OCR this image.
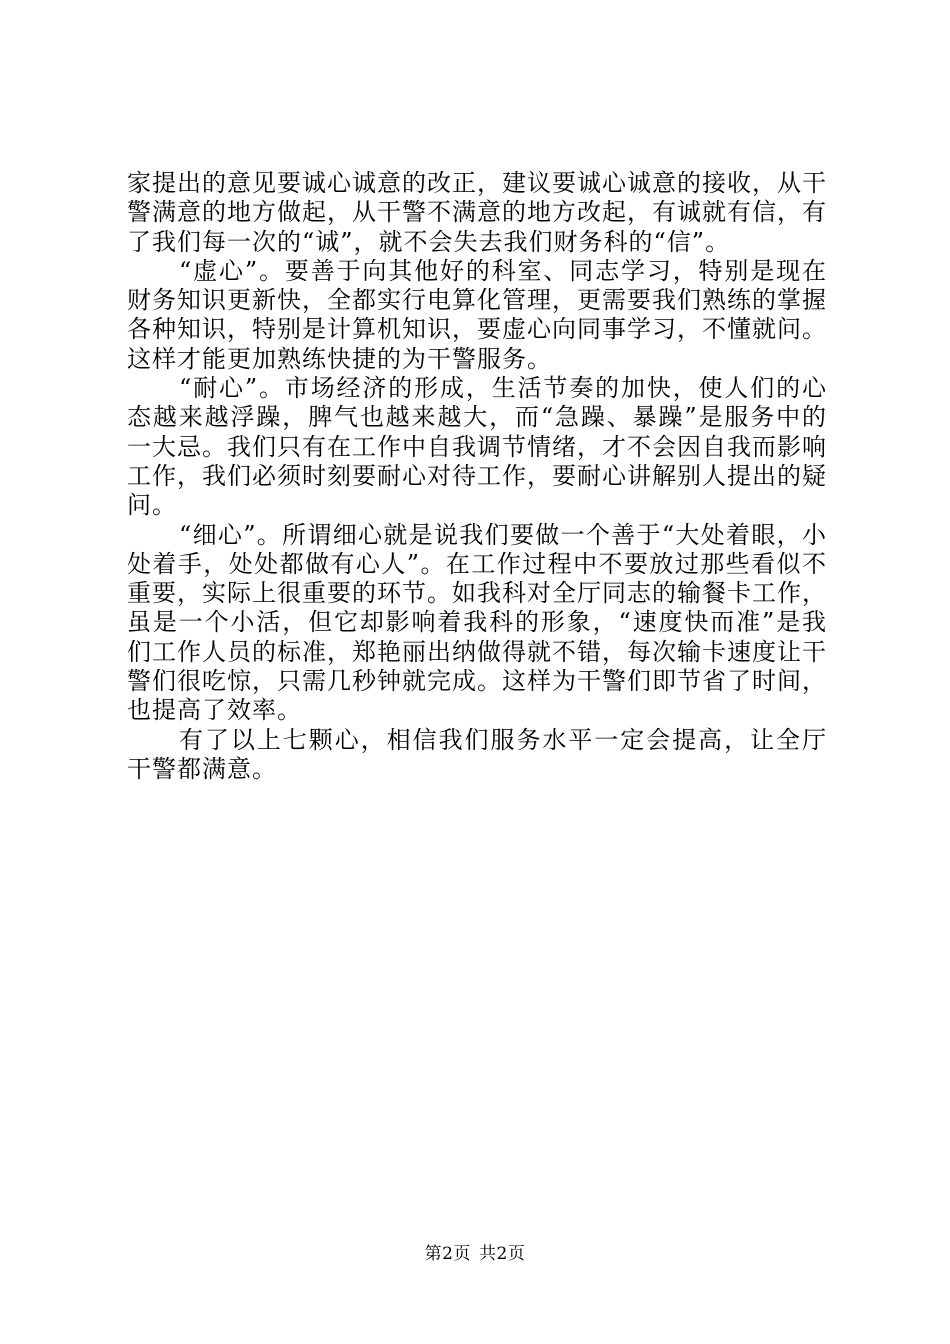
家提出的意见要诚心诚意的改正，建议要诚心诚意的接收，从干警满意的地方做起，从干警不满意的地方改起，有诚就有信，有了我们每一次的“诚”，就不会失去我们财务科的“信”。

“虚心”。要善于向其他好的科室、同志学习，特别是现在财务知识更新快，全都实行电算化管理，更需要我们熟练的掌握各种知识，特别是计算机知识，要虚心向同事学习，不懂就问。这样才能更加熟练快捷的为干警服务。

“耐心”。市场经济的形成，生活节奏的加快，使人们的心态越来越浮躁，脾气也越来越大，而“急躁、暴躁”是服务中的一大忌。我们只有在工作中自我调节情绪，才不会因自我而影响工作，我们必须时刻要耐心对待工作，要耐心讲解别人提出的疑问。

“细心”。所谓细心就是说我们要做一个善于“大处着眼，小处着手，处处都做有心人”。在工作过程中不要放过那些看似不重要，实际上很重要的环节。如我科对全厅同志的输餐卡工作，虽是一个小活，但它却影响着我科的形象，“速度快而准”是我们工作人员的标准，郑艳丽出纳做得就不错，每次输卡速度让干警们很吃惊，只需几秒钟就完成。这样为干警们即节省了时间，也提高了效率。

有了以上七颗心，相信我们服务水平一定会提高，让全厅干警都满意。

第2页 共2页
